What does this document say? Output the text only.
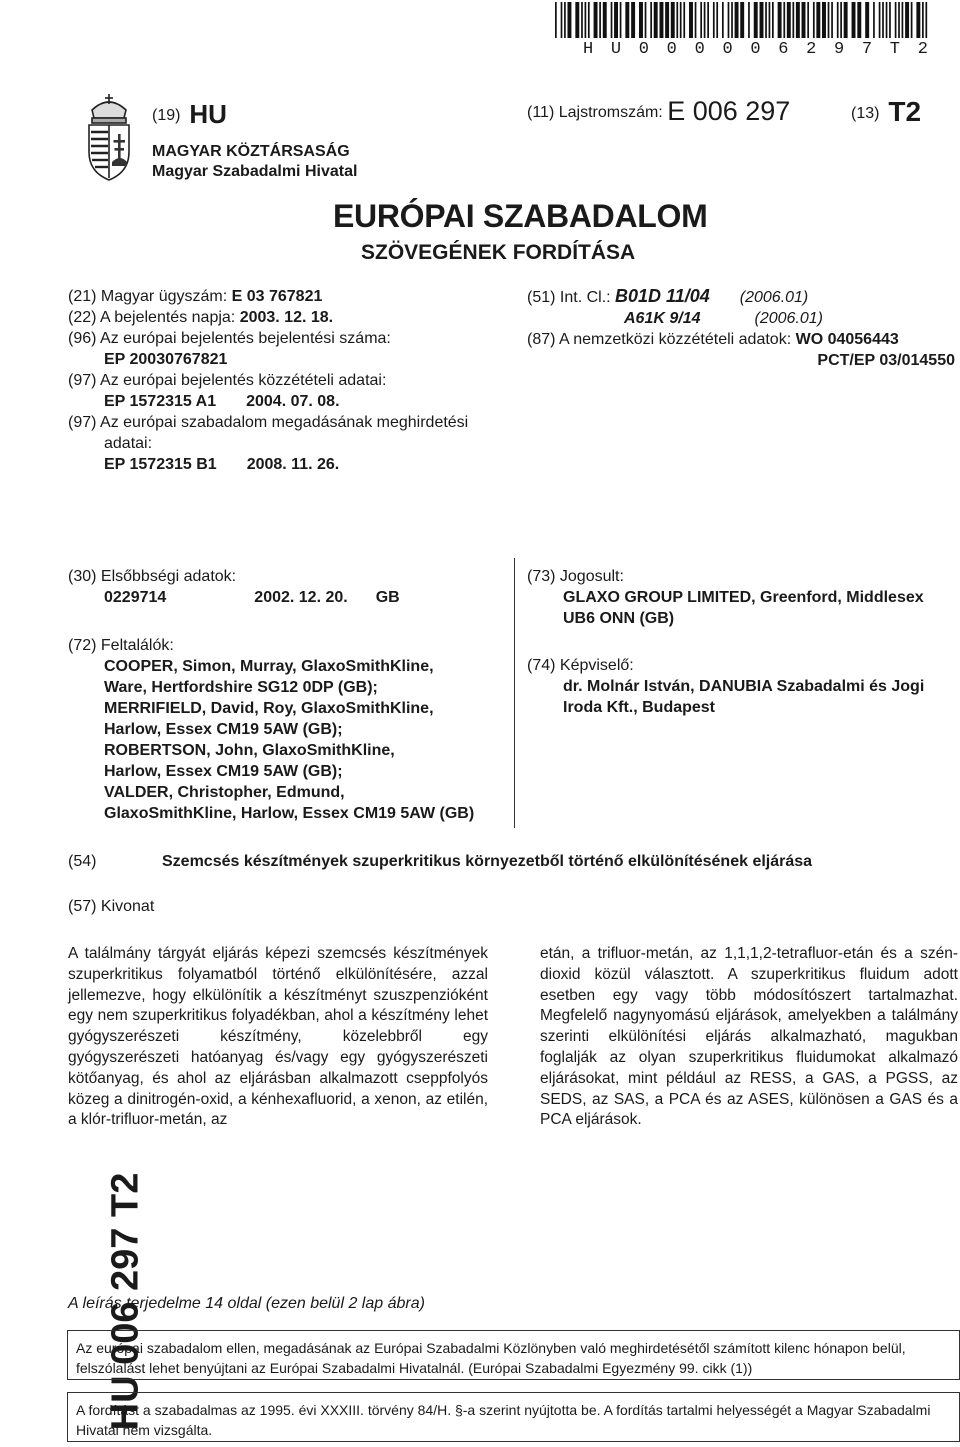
H U 0 0 0 0 0 6 2 9 7 T 2
(19) HU	(11) Lajstromszám: E 006 297	(13) T2
MAGYAR KÖZTÁRSASÁG
Magyar Szabadalmi Hivatal
EURÓPAI SZABADALOM
SZÖVEGÉNEK FORDÍTÁSA
(21) Magyar ügyszám: E 03 767821
(22) A bejelentés napja: 2003. 12. 18.
(96) Az európai bejelentés bejelentési száma:
EP 20030767821
(97) Az európai bejelentés közzétételi adatai:
EP 1572315 A1 2004. 07. 08.
(97) Az európai szabadalom megadásának meghirdetési
adatai:
EP 1572315 B1 2008. 11. 26.
(51) Int. Cl.: B01D 11/04 (2006.01)
A61K 9/14	(2006.01)
(87) A nemzetközi közzétételi adatok: WO 04056443
PCT/EP 03/014550
(30) Elsőbbségi adatok:
0229714	2002. 12. 20. GB
(72) Feltalálók:
COOPER, Simon, Murray, GlaxoSmithKline,
Ware, Hertfordshire SG12 0DP (GB);
MERRIFIELD, David, Roy, GlaxoSmithKline,
Harlow, Essex CM19 5AW (GB);
ROBERTSON, John, GlaxoSmithKline,
Harlow, Essex CM19 5AW (GB);
VALDER, Christopher, Edmund,
GlaxoSmithKline, Harlow, Essex CM19 5AW (GB)
(73) Jogosult:
GLAXO GROUP LIMITED, Greenford, Middlesex
UB6 ONN (GB)
(74) Képviselő:
dr. Molnár István, DANUBIA Szabadalmi és Jogi
Iroda Kft., Budapest
(54)	Szemcsés készítmények szuperkritikus környezetből történő elkülönítésének eljárása
(57) Kivonat
A találmány tárgyát eljárás képezi szemcsés készítmények szuperkritikus folyamatból történő elkülönítésére, azzal jellemezve, hogy elkülönítik a készítményt szuszpenzióként egy nem szuperkritikus folyadékban, ahol a készítmény lehet gyógyszerészeti készítmény, közelebbről egy gyógyszerészeti hatóanyag és/vagy egy gyógyszerészeti kötőanyag, és ahol az eljárásban alkalmazott cseppfolyós közeg a dinitrogén-oxid, a kénhexafluorid, a xenon, az etilén, a klór-trifluor-metán, az
etán, a trifluor-metán, az 1,1,1,2-tetrafluor-etán és a szén-dioxid közül választott. A szuperkritikus fluidum adott esetben egy vagy több módosítószert tartalmazhat. Megfelelő nagynyomású eljárások, amelyekben a találmány szerinti elkülönítési eljárás alkalmazható, magukban foglalják az olyan szuperkritikus fluidumokat alkalmazó eljárásokat, mint például az RESS, a GAS, a PGSS, az SEDS, az SAS, a PCA és az ASES, különösen a GAS és a PCA eljárások.
HU 006 297 T2
A leírás terjedelme 14 oldal (ezen belül 2 lap ábra)
Az európai szabadalom ellen, megadásának az Európai Szabadalmi Közlönyben való meghirdetésétől számított kilenc hónapon belül, felszólalást lehet benyújtani az Európai Szabadalmi Hivatalnál. (Európai Szabadalmi Egyezmény 99. cikk (1))
A fordítást a szabadalmas az 1995. évi XXXIII. törvény 84/H. §-a szerint nyújtotta be. A fordítás tartalmi helyességét a Magyar Szabadalmi Hivatal nem vizsgálta.
